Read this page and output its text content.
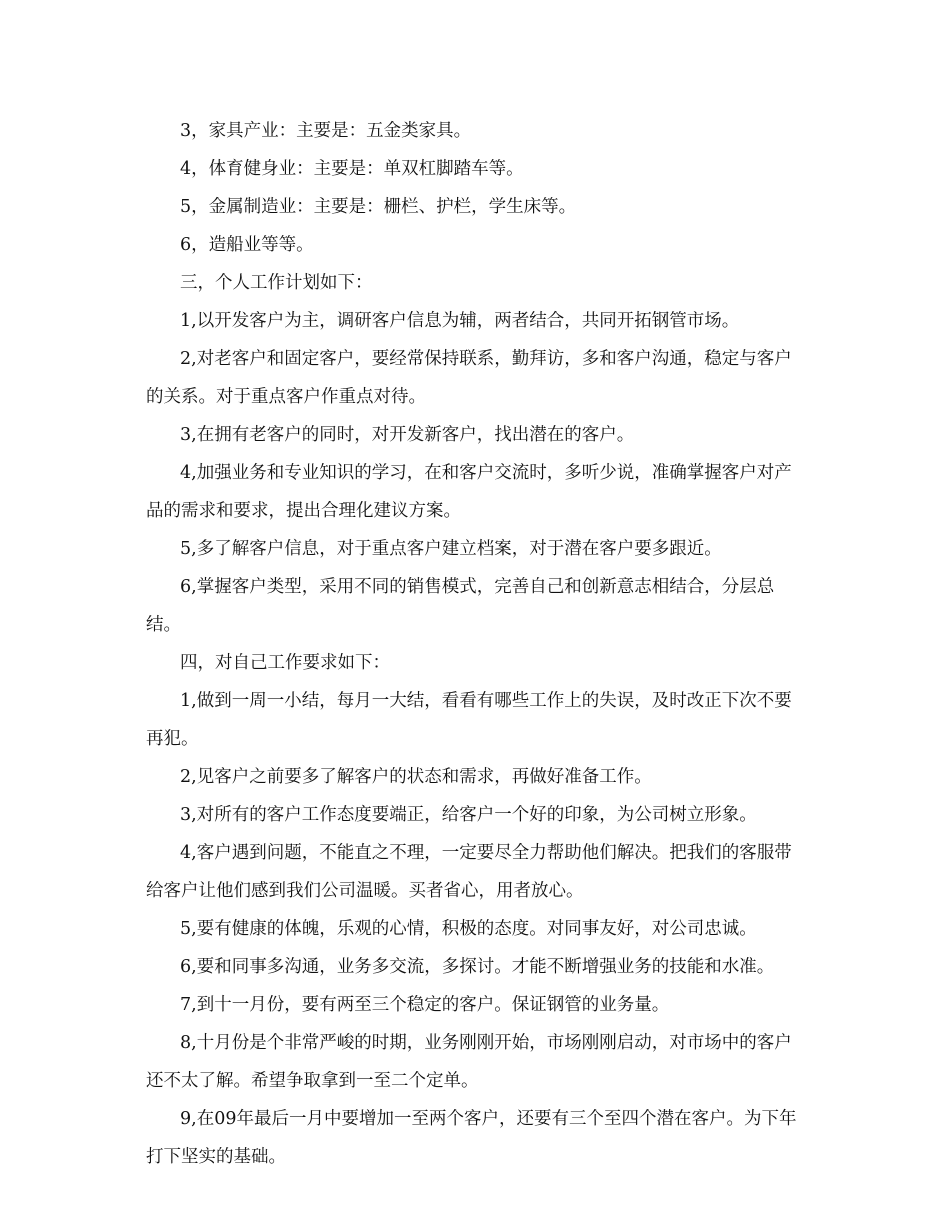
3，家具产业：主要是：五金类家具。

4，体育健身业：主要是：单双杠脚踏车等。

5，金属制造业：主要是：栅栏、护栏，学生床等。

6，造船业等等。

三，个人工作计划如下：

1,以开发客户为主，调研客户信息为辅，两者结合，共同开拓钢管市场。

2,对老客户和固定客户，要经常保持联系，勤拜访，多和客户沟通，稳定与客户的关系。对于重点客户作重点对待。

3,在拥有老客户的同时，对开发新客户，找出潜在的客户。

4,加强业务和专业知识的学习，在和客户交流时，多听少说，准确掌握客户对产品的需求和要求，提出合理化建议方案。

5,多了解客户信息，对于重点客户建立档案，对于潜在客户要多跟近。

6,掌握客户类型，采用不同的销售模式，完善自己和创新意志相结合，分层总结。

四，对自己工作要求如下：

1,做到一周一小结，每月一大结，看看有哪些工作上的失误，及时改正下次不要再犯。

2,见客户之前要多了解客户的状态和需求，再做好准备工作。

3,对所有的客户工作态度要端正，给客户一个好的印象，为公司树立形象。

4,客户遇到问题，不能直之不理，一定要尽全力帮助他们解决。把我们的客服带给客户让他们感到我们公司温暖。买者省心，用者放心。

5,要有健康的体魄，乐观的心情，积极的态度。对同事友好，对公司忠诚。

6,要和同事多沟通，业务多交流，多探讨。才能不断增强业务的技能和水准。

7,到十一月份，要有两至三个稳定的客户。保证钢管的业务量。

8,十月份是个非常严峻的时期，业务刚刚开始，市场刚刚启动，对市场中的客户还不太了解。希望争取拿到一至二个定单。

9,在09年最后一月中要增加一至两个客户，还要有三个至四个潜在客户。为下年打下坚实的基础。
